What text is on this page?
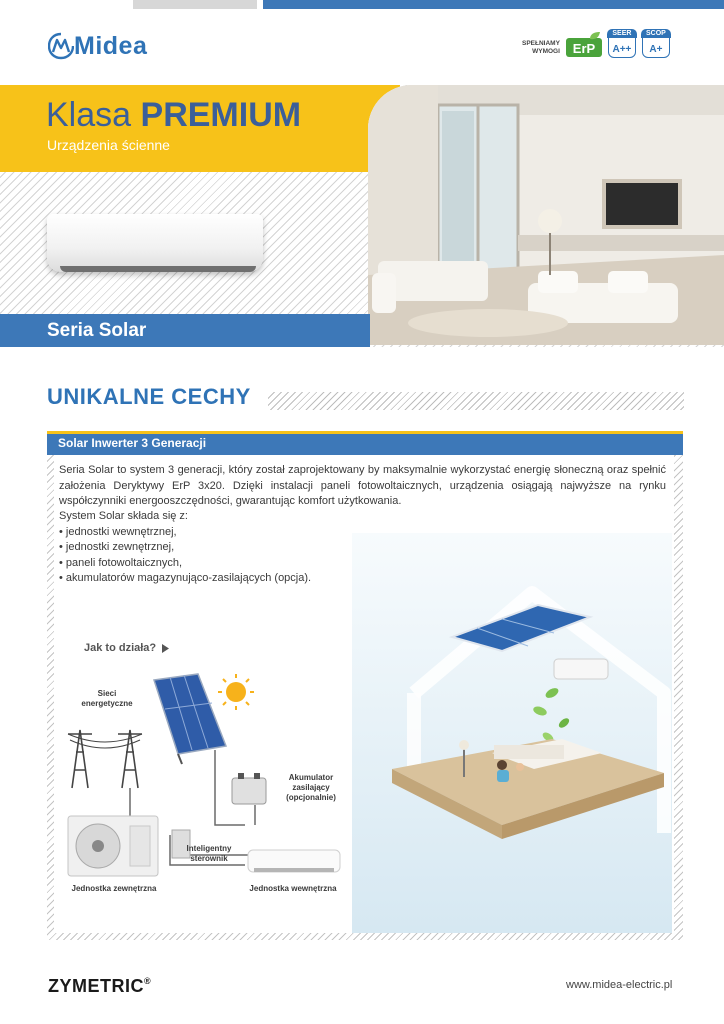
Midea	SPEŁNIAMY
WYMOGI ErP
SEER
A++
SCOP
A+
Klasa PREMIUM
Urządzenia ścienne
Seria Solar
UNIKALNE CECHY
Solar Inwerter 3 Generacji
Seria Solar to system 3 generacji, który został zaprojektowany by maksymalnie wykorzystać energię słoneczną oraz spełnić założenia Deryktywy ErP 3x20. Dzięki instalacji paneli fotowoltaicznych, urządzenia osiągają najwyższe na rynku współczynniki energooszczędności, gwarantując komfort użytkowania.
System Solar składa się z:
• jednostki wewnętrznej,
• jednostki zewnętrznej,
• paneli fotowoltaicznych,
• akumulatorów magazynująco-zasilających (opcja).
Jak to działa?
Sieci
energetyczne
Akumulator
zasilający
(opcjonalnie)
Inteligentny
sterownik
Jednostka zewnętrzna	Jednostka wewnętrzna
ZYMETRIC®	www.midea-electric.pl
